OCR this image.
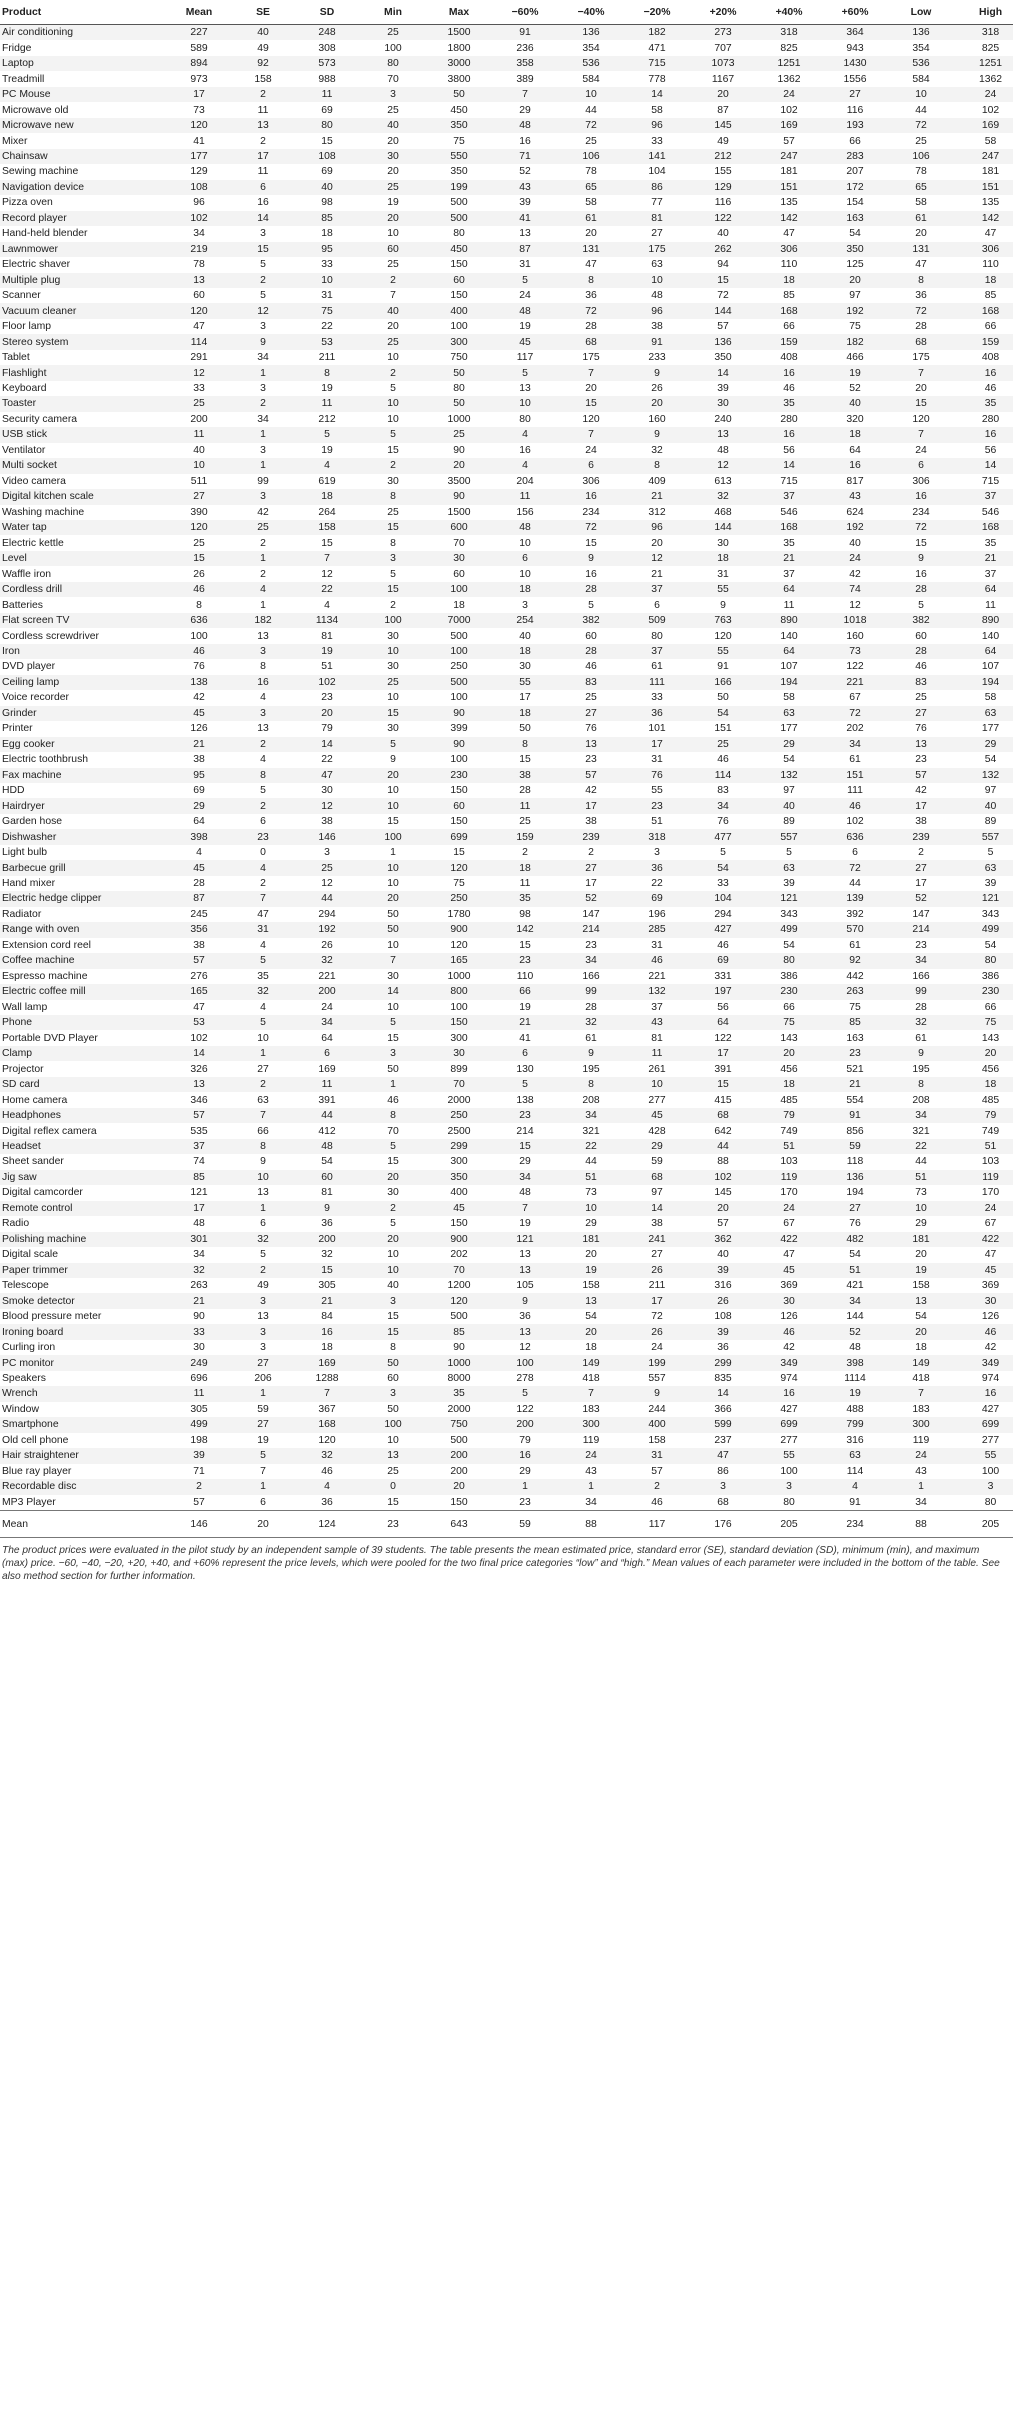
Product	Mean	SE	SD	Min	Max	−60%	−40%	−20%	+20%	+40%	+60%	Low	High
Air conditioning	227	40	248	25	1500	91	136	182	273	318	364	136	318
Fridge	589	49	308	100	1800	236	354	471	707	825	943	354	825
Laptop	894	92	573	80	3000	358	536	715	1073	1251	1430	536	1251
Treadmill	973	158	988	70	3800	389	584	778	1167	1362	1556	584	1362
PC Mouse	17	2	11	3	50	7	10	14	20	24	27	10	24
Microwave old	73	11	69	25	450	29	44	58	87	102	116	44	102
Microwave new	120	13	80	40	350	48	72	96	145	169	193	72	169
Mixer	41	2	15	20	75	16	25	33	49	57	66	25	58
Chainsaw	177	17	108	30	550	71	106	141	212	247	283	106	247
Sewing machine	129	11	69	20	350	52	78	104	155	181	207	78	181
Navigation device	108	6	40	25	199	43	65	86	129	151	172	65	151
Pizza oven	96	16	98	19	500	39	58	77	116	135	154	58	135
Record player	102	14	85	20	500	41	61	81	122	142	163	61	142
Hand-held blender	34	3	18	10	80	13	20	27	40	47	54	20	47
Lawnmower	219	15	95	60	450	87	131	175	262	306	350	131	306
Electric shaver	78	5	33	25	150	31	47	63	94	110	125	47	110
Multiple plug	13	2	10	2	60	5	8	10	15	18	20	8	18
Scanner	60	5	31	7	150	24	36	48	72	85	97	36	85
Vacuum cleaner	120	12	75	40	400	48	72	96	144	168	192	72	168
Floor lamp	47	3	22	20	100	19	28	38	57	66	75	28	66
Stereo system	114	9	53	25	300	45	68	91	136	159	182	68	159
Tablet	291	34	211	10	750	117	175	233	350	408	466	175	408
Flashlight	12	1	8	2	50	5	7	9	14	16	19	7	16
Keyboard	33	3	19	5	80	13	20	26	39	46	52	20	46
Toaster	25	2	11	10	50	10	15	20	30	35	40	15	35
Security camera	200	34	212	10	1000	80	120	160	240	280	320	120	280
USB stick	11	1	5	5	25	4	7	9	13	16	18	7	16
Ventilator	40	3	19	15	90	16	24	32	48	56	64	24	56
Multi socket	10	1	4	2	20	4	6	8	12	14	16	6	14
Video camera	511	99	619	30	3500	204	306	409	613	715	817	306	715
Digital kitchen scale	27	3	18	8	90	11	16	21	32	37	43	16	37
Washing machine	390	42	264	25	1500	156	234	312	468	546	624	234	546
Water tap	120	25	158	15	600	48	72	96	144	168	192	72	168
Electric kettle	25	2	15	8	70	10	15	20	30	35	40	15	35
Level	15	1	7	3	30	6	9	12	18	21	24	9	21
Waffle iron	26	2	12	5	60	10	16	21	31	37	42	16	37
Cordless drill	46	4	22	15	100	18	28	37	55	64	74	28	64
Batteries	8	1	4	2	18	3	5	6	9	11	12	5	11
Flat screen TV	636	182	1134	100	7000	254	382	509	763	890	1018	382	890
Cordless screwdriver	100	13	81	30	500	40	60	80	120	140	160	60	140
Iron	46	3	19	10	100	18	28	37	55	64	73	28	64
DVD player	76	8	51	30	250	30	46	61	91	107	122	46	107
Ceiling lamp	138	16	102	25	500	55	83	111	166	194	221	83	194
Voice recorder	42	4	23	10	100	17	25	33	50	58	67	25	58
Grinder	45	3	20	15	90	18	27	36	54	63	72	27	63
Printer	126	13	79	30	399	50	76	101	151	177	202	76	177
Egg cooker	21	2	14	5	90	8	13	17	25	29	34	13	29
Electric toothbrush	38	4	22	9	100	15	23	31	46	54	61	23	54
Fax machine	95	8	47	20	230	38	57	76	114	132	151	57	132
HDD	69	5	30	10	150	28	42	55	83	97	111	42	97
Hairdryer	29	2	12	10	60	11	17	23	34	40	46	17	40
Garden hose	64	6	38	15	150	25	38	51	76	89	102	38	89
Dishwasher	398	23	146	100	699	159	239	318	477	557	636	239	557
Light bulb	4	0	3	1	15	2	2	3	5	5	6	2	5
Barbecue grill	45	4	25	10	120	18	27	36	54	63	72	27	63
Hand mixer	28	2	12	10	75	11	17	22	33	39	44	17	39
Electric hedge clipper	87	7	44	20	250	35	52	69	104	121	139	52	121
Radiator	245	47	294	50	1780	98	147	196	294	343	392	147	343
Range with oven	356	31	192	50	900	142	214	285	427	499	570	214	499
Extension cord reel	38	4	26	10	120	15	23	31	46	54	61	23	54
Coffee machine	57	5	32	7	165	23	34	46	69	80	92	34	80
Espresso machine	276	35	221	30	1000	110	166	221	331	386	442	166	386
Electric coffee mill	165	32	200	14	800	66	99	132	197	230	263	99	230
Wall lamp	47	4	24	10	100	19	28	37	56	66	75	28	66
Phone	53	5	34	5	150	21	32	43	64	75	85	32	75
Portable DVD Player	102	10	64	15	300	41	61	81	122	143	163	61	143
Clamp	14	1	6	3	30	6	9	11	17	20	23	9	20
Projector	326	27	169	50	899	130	195	261	391	456	521	195	456
SD card	13	2	11	1	70	5	8	10	15	18	21	8	18
Home camera	346	63	391	46	2000	138	208	277	415	485	554	208	485
Headphones	57	7	44	8	250	23	34	45	68	79	91	34	79
Digital reflex camera	535	66	412	70	2500	214	321	428	642	749	856	321	749
Headset	37	8	48	5	299	15	22	29	44	51	59	22	51
Sheet sander	74	9	54	15	300	29	44	59	88	103	118	44	103
Jig saw	85	10	60	20	350	34	51	68	102	119	136	51	119
Digital camcorder	121	13	81	30	400	48	73	97	145	170	194	73	170
Remote control	17	1	9	2	45	7	10	14	20	24	27	10	24
Radio	48	6	36	5	150	19	29	38	57	67	76	29	67
Polishing machine	301	32	200	20	900	121	181	241	362	422	482	181	422
Digital scale	34	5	32	10	202	13	20	27	40	47	54	20	47
Paper trimmer	32	2	15	10	70	13	19	26	39	45	51	19	45
Telescope	263	49	305	40	1200	105	158	211	316	369	421	158	369
Smoke detector	21	3	21	3	120	9	13	17	26	30	34	13	30
Blood pressure meter	90	13	84	15	500	36	54	72	108	126	144	54	126
Ironing board	33	3	16	15	85	13	20	26	39	46	52	20	46
Curling iron	30	3	18	8	90	12	18	24	36	42	48	18	42
PC monitor	249	27	169	50	1000	100	149	199	299	349	398	149	349
Speakers	696	206	1288	60	8000	278	418	557	835	974	1114	418	974
Wrench	11	1	7	3	35	5	7	9	14	16	19	7	16
Window	305	59	367	50	2000	122	183	244	366	427	488	183	427
Smartphone	499	27	168	100	750	200	300	400	599	699	799	300	699
Old cell phone	198	19	120	10	500	79	119	158	237	277	316	119	277
Hair straightener	39	5	32	13	200	16	24	31	47	55	63	24	55
Blue ray player	71	7	46	25	200	29	43	57	86	100	114	43	100
Recordable disc	2	1	4	0	20	1	1	2	3	3	4	1	3
MP3 Player	57	6	36	15	150	23	34	46	68	80	91	34	80
Mean	146	20	124	23	643	59	88	117	176	205	234	88	205

The product prices were evaluated in the pilot study by an independent sample of 39 students. The table presents the mean estimated price, standard error (SE), standard deviation (SD), minimum (min), and maximum (max) price. −60, −40, −20, +20, +40, and +60% represent the price levels, which were pooled for the two final price categories “low” and “high.” Mean values of each parameter were included in the bottom of the table. See also method section for further information.
